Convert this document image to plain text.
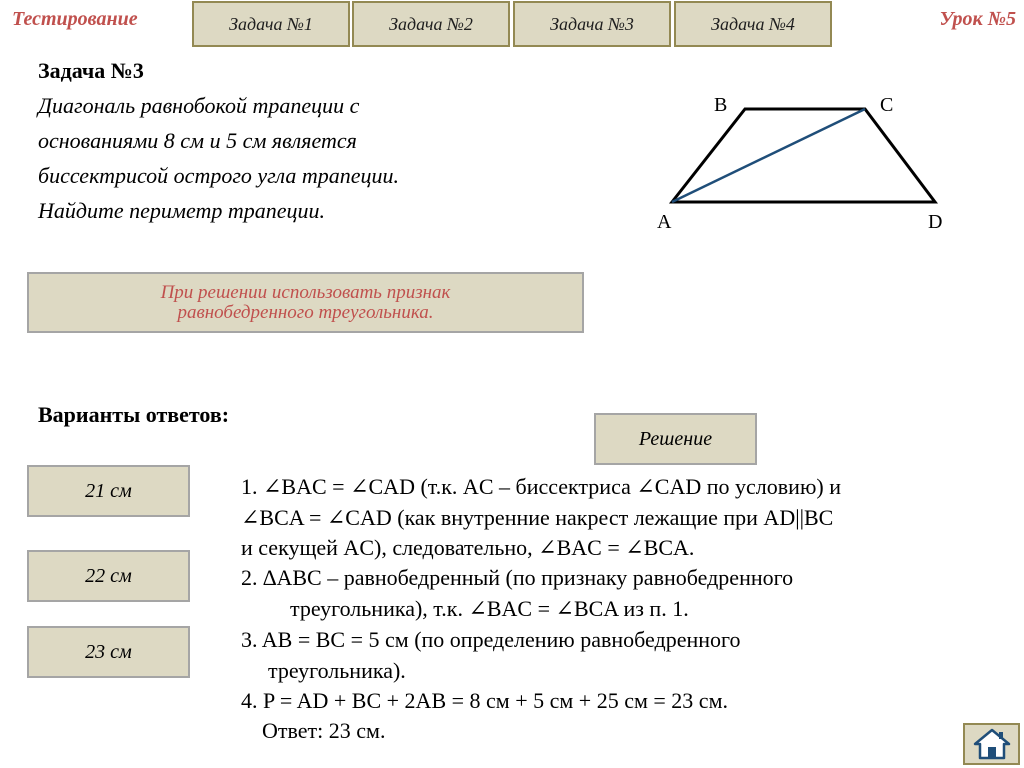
Тестирование	Урок №5
Задача №1	Задача №2	Задача №3	Задача №4
Задача №3
Диагональ равнобокой трапеции с
основаниями 8 см и 5 см является
биссектрисой острого угла трапеции.
Найдите периметр трапеции.
B	C
A	D
При решении использовать признак равнобедренного треугольника.
Варианты ответов:
Решение
21 см
22 см
23 см
1. ∠BAC = ∠CAD (т.к. AC – биссектриса ∠CAD по условию) и
∠BCA = ∠CAD (как внутренние накрест лежащие при AD||BC
и секущей AC), следовательно, ∠BAC = ∠BCA.
2. ∆ABC – равнобедренный (по признаку равнобедренного
треугольника), т.к. ∠BAC = ∠BCA из п. 1.
3. AB = BC = 5 см (по определению равнобедренного
треугольника).
4. P = AD + BC + 2AB = 8 см + 5 см + 25 см = 23 см.
Ответ: 23 см.
